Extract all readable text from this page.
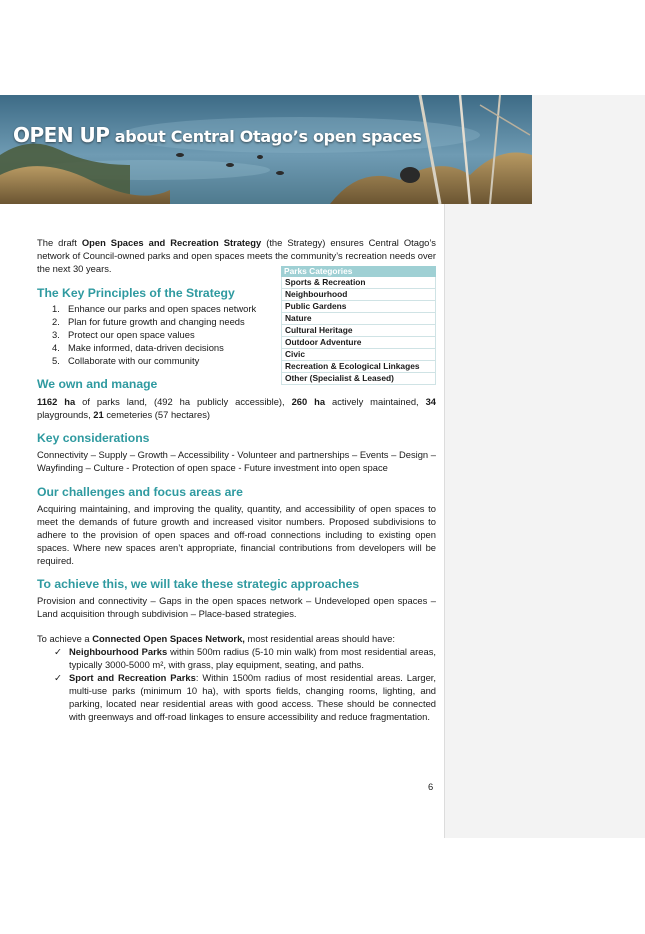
OPEN UP about Central Otago’s open spaces
The draft Open Spaces and Recreation Strategy (the Strategy) ensures Central Otago’s network of Council-owned parks and open spaces meets the community’s recreation needs over the next 30 years.
The Key Principles of the Strategy
1. Enhance our parks and open spaces network
2. Plan for future growth and changing needs
3. Protect our open space values
4. Make informed, data-driven decisions
5. Collaborate with our community
Parks Categories
Sports & Recreation
Neighbourhood
Public Gardens
Nature
Cultural Heritage
Outdoor Adventure
Civic
Recreation & Ecological Linkages
Other (Specialist & Leased)
We own and manage
1162 ha of parks land, (492 ha publicly accessible), 260 ha actively maintained, 34 playgrounds, 21 cemeteries (57 hectares)
Key considerations
Connectivity – Supply – Growth – Accessibility - Volunteer and partnerships – Events – Design – Wayfinding – Culture - Protection of open space - Future investment into open space
Our challenges and focus areas are
Acquiring maintaining, and improving the quality, quantity, and accessibility of open spaces to meet the demands of future growth and increased visitor numbers. Proposed subdivisions to adhere to the provision of open spaces and off-road connections including to existing open spaces. Where new spaces aren’t appropriate, financial contributions from developers will be required.
To achieve this, we will take these strategic approaches
Provision and connectivity – Gaps in the open spaces network – Undeveloped open spaces – Land acquisition through subdivision – Place-based strategies.
To achieve a Connected Open Spaces Network, most residential areas should have:
✓ Neighbourhood Parks within 500m radius (5-10 min walk) from most residential areas, typically 3000-5000 m², with grass, play equipment, seating, and paths.
✓ Sport and Recreation Parks: Within 1500m radius of most residential areas. Larger, multi-use parks (minimum 10 ha), with sports fields, changing rooms, lighting, and parking, located near residential areas with good access. These should be connected with greenways and off-road linkages to ensure accessibility and reduce fragmentation.
6
